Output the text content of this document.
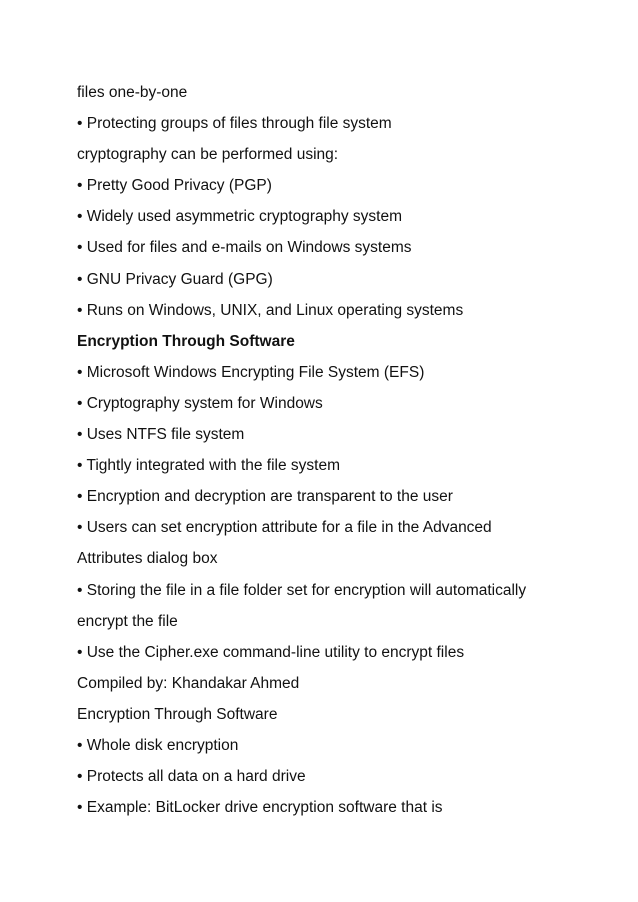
files one-by-one
• Protecting groups of files through file system
cryptography can be performed using:
• Pretty Good Privacy (PGP)
• Widely used asymmetric cryptography system
• Used for files and e-mails on Windows systems
• GNU Privacy Guard (GPG)
• Runs on Windows, UNIX, and Linux operating systems
Encryption Through Software
• Microsoft Windows Encrypting File System (EFS)
• Cryptography system for Windows
• Uses NTFS file system
• Tightly integrated with the file system
• Encryption and decryption are transparent to the user
• Users can set encryption attribute for a file in the Advanced
Attributes dialog box
• Storing the file in a file folder set for encryption will automatically
encrypt the file
• Use the Cipher.exe command-line utility to encrypt files
Compiled by: Khandakar Ahmed
Encryption Through Software
• Whole disk encryption
• Protects all data on a hard drive
• Example: BitLocker drive encryption software that is
